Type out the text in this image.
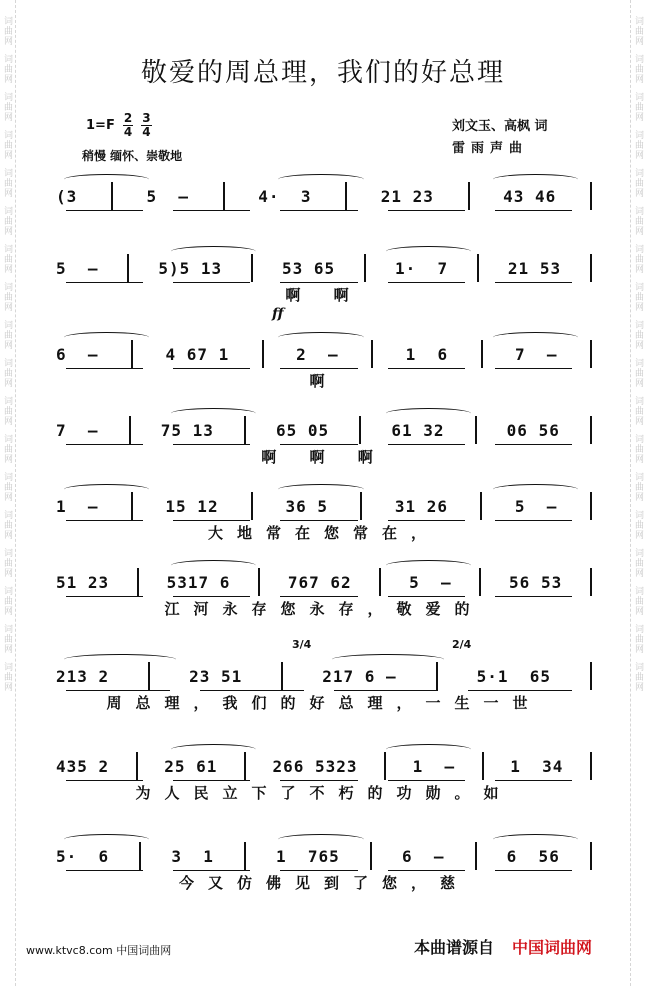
词曲网
词曲网
词曲网
词曲网
词曲网
词曲网
词曲网
词曲网
词曲网
词曲网
词曲网
词曲网
词曲网
词曲网
词曲网
词曲网
词曲网
词曲网
词曲网
词曲网
词曲网
词曲网
词曲网
词曲网
词曲网
词曲网
词曲网
词曲网
词曲网
词曲网
词曲网
词曲网
词曲网
词曲网
词曲网
词曲网
敬爱的周总理，我们的好总理
$1=F \frac{2}{4} \frac{3}{4}$
稍慢 缅怀、崇敬地
刘文玉、高枫 词
雷雨声曲
(3	5  —	4·  3	21 23	43 46
5  —	5)5 13	53 65	1·  7	21 53
啊 啊
6  —	4 67 1	2  —	1  6	7  —
啊
7  —	75 13	65 05	61 32	06 56
啊 啊 啊
1  —	15 12	36 5	31 26	5  —
大地常在您常在，
51 23	5317 6	767 62	5  —	56 53
江河永存您永存，敬爱的
213 2	23 51	217 6 —	5·1  65
周总理，我们的好总理，一生一世
435 2	25 61	266 5323	1  —	1  34
为人民立下了不朽的功勋。如
5·  6	3  1	1  765	6  —	6  56
今又仿佛见到了您，慈
ff
3/4	2/4
www.ktvc8.com 中国词曲网	本曲谱源自 中国词曲网
